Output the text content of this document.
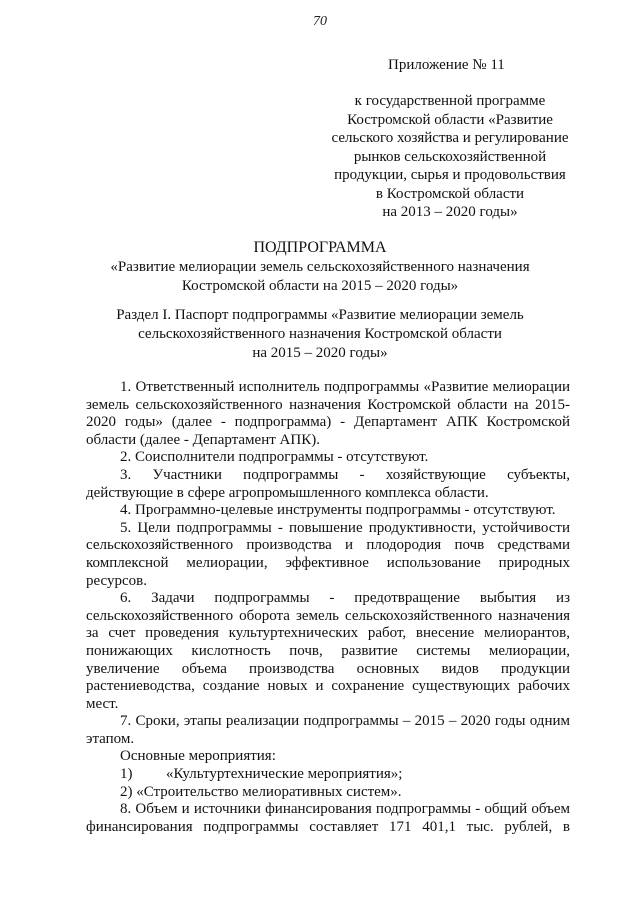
70
Приложение № 11
к государственной программе
Костромской области «Развитие
сельского хозяйства и регулирование
рынков сельскохозяйственной
продукции, сырья и продовольствия
в Костромской области
на 2013 – 2020 годы»
ПОДПРОГРАММА
«Развитие мелиорации земель сельскохозяйственного назначения
Костромской области на 2015 – 2020 годы»
Раздел I. Паспорт подпрограммы «Развитие мелиорации земель
сельскохозяйственного назначения Костромской области
на 2015 – 2020 годы»

1. Ответственный исполнитель подпрограммы «Развитие мелиорации земель сельскохозяйственного назначения Костромской области на 2015-2020 годы» (далее - подпрограмма) - Департамент АПК Костромской области (далее - Департамент АПК).

2. Соисполнители подпрограммы - отсутствуют.

3. Участники подпрограммы - хозяйствующие субъекты, действующие в сфере агропромышленного комплекса области.

4. Программно-целевые инструменты подпрограммы - отсутствуют.

5. Цели подпрограммы - повышение продуктивности, устойчивости сельскохозяйственного производства и плодородия почв средствами комплексной мелиорации, эффективное использование природных ресурсов.

6. Задачи подпрограммы - предотвращение выбытия из сельскохозяйственного оборота земель сельскохозяйственного назначения за счет проведения культуртехнических работ, внесение мелиорантов, понижающих кислотность почв, развитие системы мелиорации, увеличение объема производства основных видов продукции растениеводства, создание новых и сохранение существующих рабочих мест.

7. Сроки, этапы реализации подпрограммы – 2015 – 2020 годы одним этапом.

Основные мероприятия:

1)	«Культуртехнические мероприятия»;

2) «Строительство мелиоративных систем».

8. Объем и источники финансирования подпрограммы - общий объем финансирования подпрограммы составляет 171 401,1 тыс. рублей, в
